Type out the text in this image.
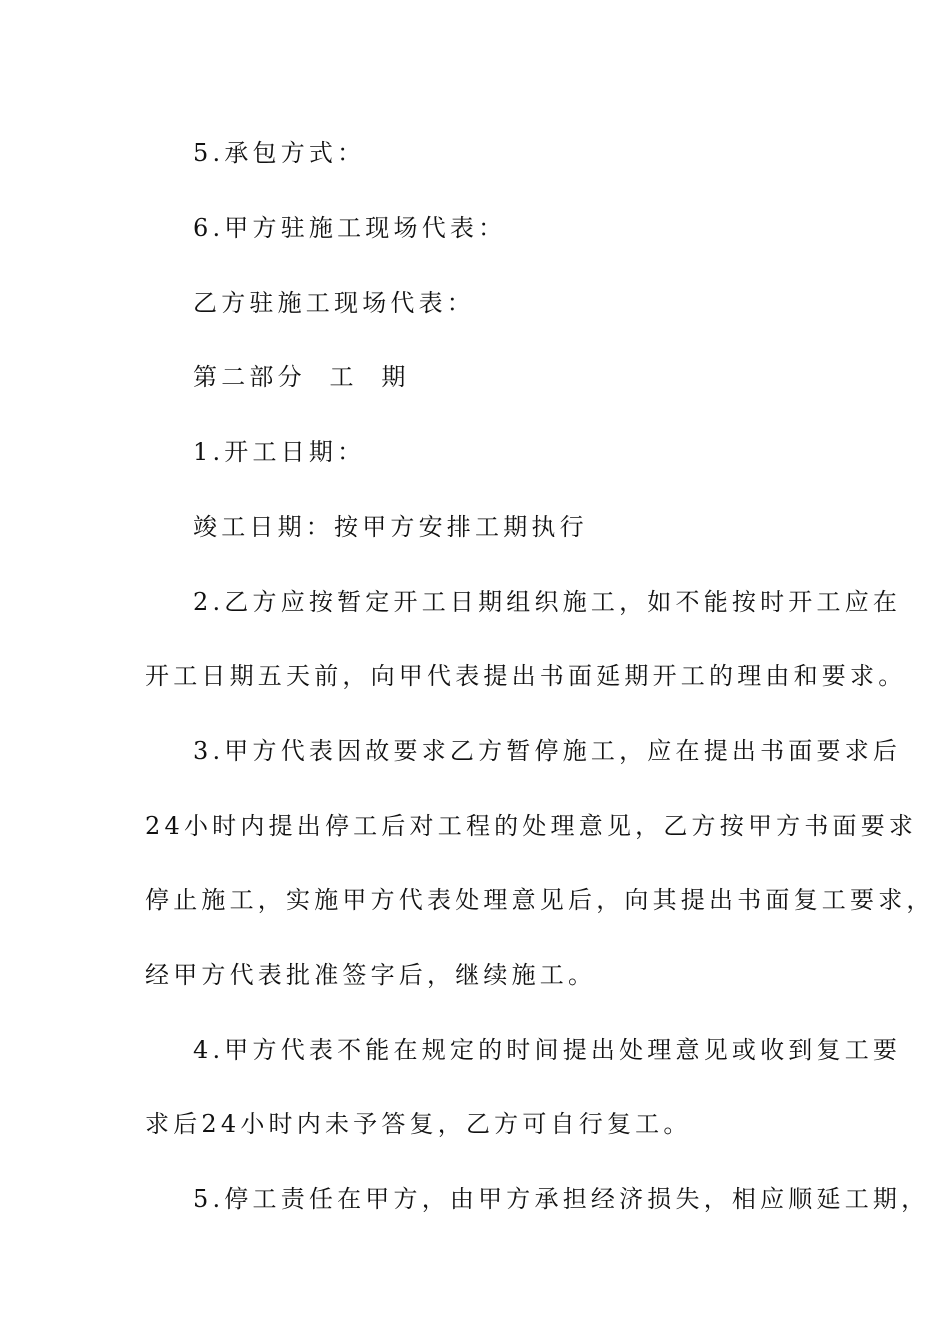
5.承包方式：
6.甲方驻施工现场代表：
乙方驻施工现场代表：
第二部分  工  期
1.开工日期：
竣工日期：按甲方安排工期执行
2.乙方应按暂定开工日期组织施工，如不能按时开工应在
开工日期五天前，向甲代表提出书面延期开工的理由和要求。
3.甲方代表因故要求乙方暂停施工，应在提出书面要求后
24小时内提出停工后对工程的处理意见，乙方按甲方书面要求
停止施工，实施甲方代表处理意见后，向其提出书面复工要求，
经甲方代表批准签字后，继续施工。
4.甲方代表不能在规定的时间提出处理意见或收到复工要
求后24小时内未予答复，乙方可自行复工。
5.停工责任在甲方，由甲方承担经济损失，相应顺延工期，
